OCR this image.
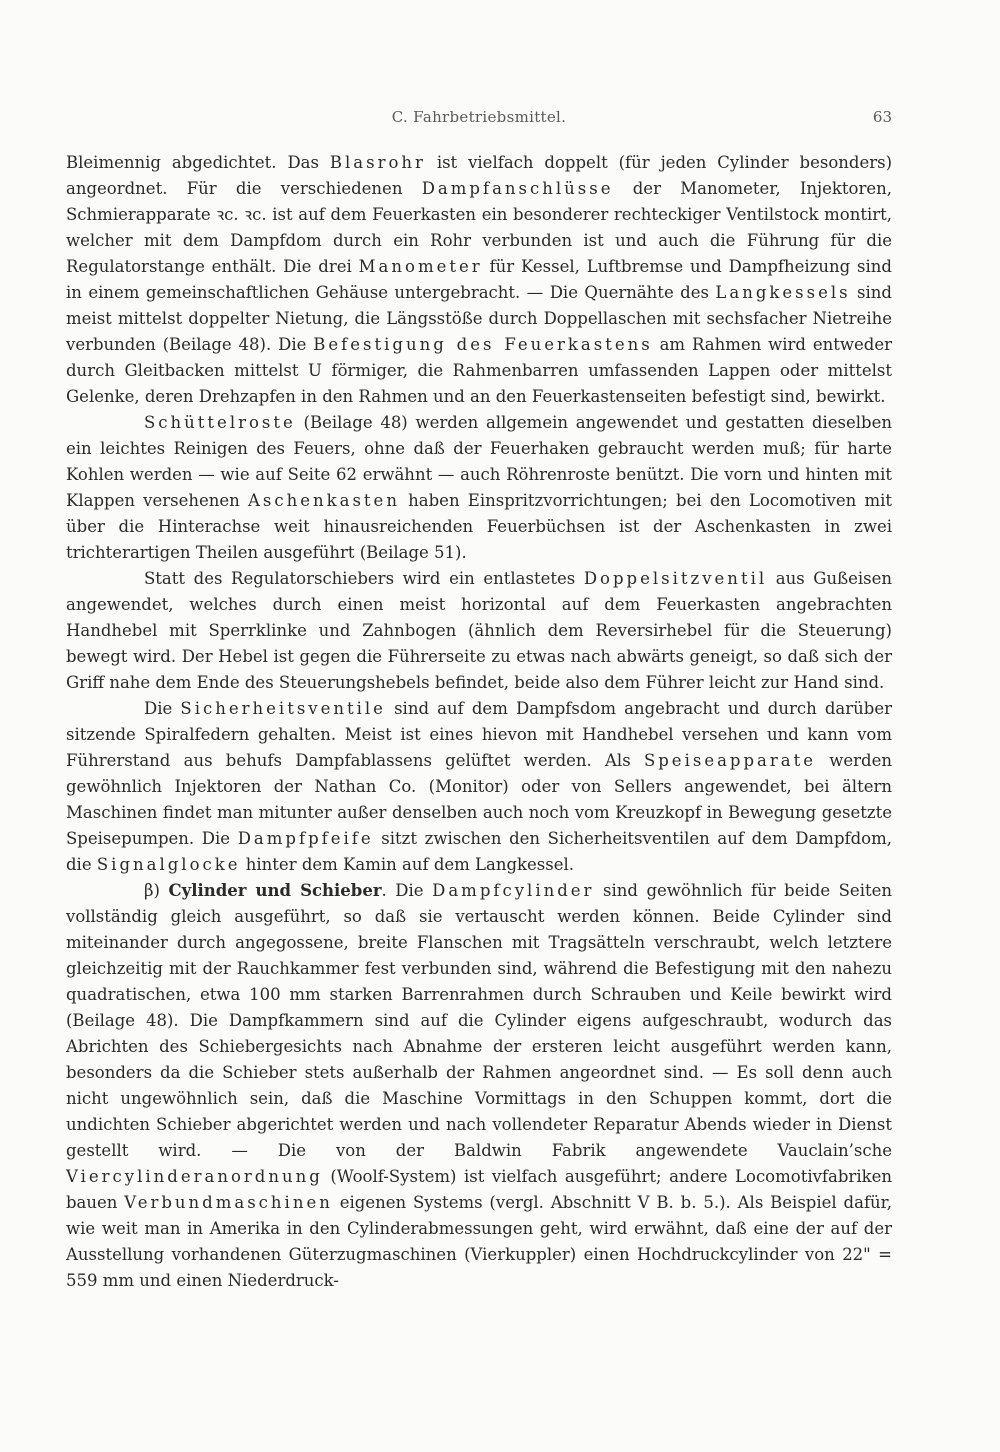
C. Fahrbetriebsmittel.	63

Bleimennig abgedichtet. Das Blasrohr ist vielfach doppelt (für jeden Cylinder besonders) angeordnet. Für die verschiedenen Dampfanschlüsse der Manometer, Injektoren, Schmierapparate ꝛc. ꝛc. ist auf dem Feuerkasten ein besonderer rechteckiger Ventilstock montirt, welcher mit dem Dampfdom durch ein Rohr verbunden ist und auch die Führung für die Regulatorstange enthält. Die drei Manometer für Kessel, Luftbremse und Dampfheizung sind in einem gemeinschaftlichen Gehäuse untergebracht. — Die Quernähte des Langkessels sind meist mittelst doppelter Nietung, die Längsstöße durch Doppellaschen mit sechsfacher Nietreihe verbunden (Beilage 48). Die Befestigung des Feuerkastens am Rahmen wird entweder durch Gleitbacken mittelst U förmiger, die Rahmenbarren umfassenden Lappen oder mittelst Gelenke, deren Drehzapfen in den Rahmen und an den Feuerkastenseiten befestigt sind, bewirkt.

Schüttelroste (Beilage 48) werden allgemein angewendet und gestatten dieselben ein leichtes Reinigen des Feuers, ohne daß der Feuerhaken gebraucht werden muß; für harte Kohlen werden — wie auf Seite 62 erwähnt — auch Röhrenroste benützt. Die vorn und hinten mit Klappen versehenen Aschenkasten haben Einspritzvorrichtungen; bei den Locomotiven mit über die Hinterachse weit hinausreichenden Feuerbüchsen ist der Aschenkasten in zwei trichterartigen Theilen ausgeführt (Beilage 51).

Statt des Regulatorschiebers wird ein entlastetes Doppelsitzventil aus Gußeisen angewendet, welches durch einen meist horizontal auf dem Feuerkasten angebrachten Handhebel mit Sperrklinke und Zahnbogen (ähnlich dem Reversirhebel für die Steuerung) bewegt wird. Der Hebel ist gegen die Führerseite zu etwas nach abwärts geneigt, so daß sich der Griff nahe dem Ende des Steuerungshebels befindet, beide also dem Führer leicht zur Hand sind.

Die Sicherheitsventile sind auf dem Dampfsdom angebracht und durch darüber sitzende Spiralfedern gehalten. Meist ist eines hievon mit Handhebel versehen und kann vom Führerstand aus behufs Dampfablassens gelüftet werden. Als Speiseapparate werden gewöhnlich Injektoren der Nathan Co. (Monitor) oder von Sellers angewendet, bei ältern Maschinen findet man mitunter außer denselben auch noch vom Kreuzkopf in Bewegung gesetzte Speisepumpen. Die Dampfpfeife sitzt zwischen den Sicherheitsventilen auf dem Dampfdom, die Signalglocke hinter dem Kamin auf dem Langkessel.

β) Cylinder und Schieber. Die Dampfcylinder sind gewöhnlich für beide Seiten vollständig gleich ausgeführt, so daß sie vertauscht werden können. Beide Cylinder sind miteinander durch angegossene, breite Flanschen mit Tragsätteln verschraubt, welch letztere gleichzeitig mit der Rauchkammer fest verbunden sind, während die Befestigung mit den nahezu quadratischen, etwa 100 mm starken Barrenrahmen durch Schrauben und Keile bewirkt wird (Beilage 48). Die Dampfkammern sind auf die Cylinder eigens aufgeschraubt, wodurch das Abrichten des Schiebergesichts nach Abnahme der ersteren leicht ausgeführt werden kann, besonders da die Schieber stets außerhalb der Rahmen angeordnet sind. — Es soll denn auch nicht ungewöhnlich sein, daß die Maschine Vormittags in den Schuppen kommt, dort die undichten Schieber abgerichtet werden und nach vollendeter Reparatur Abends wieder in Dienst gestellt wird. — Die von der Baldwin Fabrik angewendete Vauclain’sche Viercylinderanordnung (Woolf-System) ist vielfach ausgeführt; andere Locomotivfabriken bauen Verbundmaschinen eigenen Systems (vergl. Abschnitt V B. b. 5.). Als Beispiel dafür, wie weit man in Amerika in den Cylinderabmessungen geht, wird erwähnt, daß eine der auf der Ausstellung vorhandenen Güterzugmaschinen (Vierkuppler) einen Hochdruckcylinder von 22" = 559 mm und einen Niederdruck-
